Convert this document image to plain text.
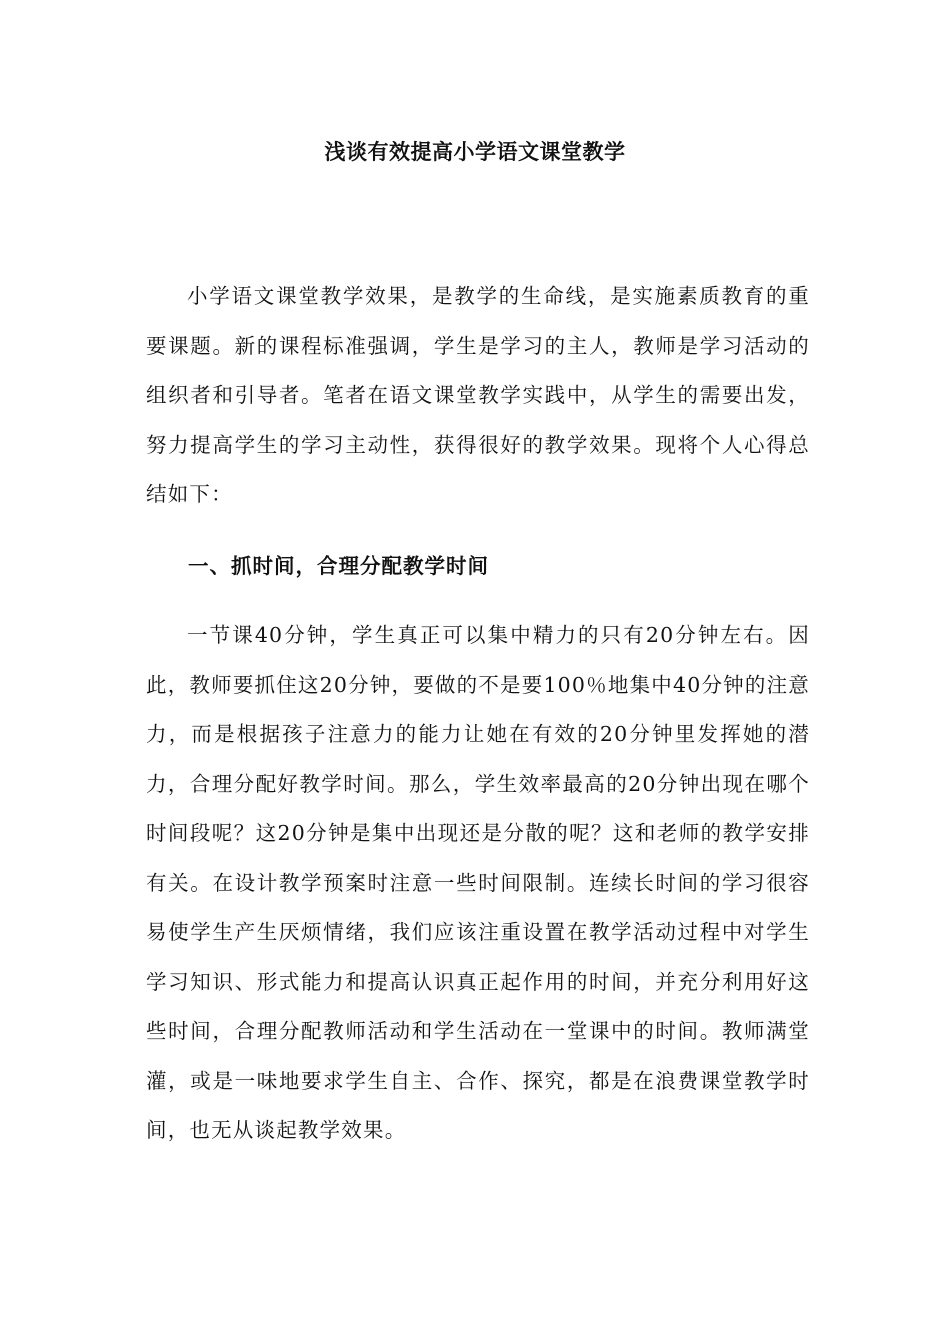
浅谈有效提高小学语文课堂教学

小学语文课堂教学效果，是教学的生命线，是实施素质教育的重要课题。新的课程标准强调，学生是学习的主人，教师是学习活动的组织者和引导者。笔者在语文课堂教学实践中，从学生的需要出发，努力提高学生的学习主动性，获得很好的教学效果。现将个人心得总结如下：

一、抓时间，合理分配教学时间

一节课40分钟，学生真正可以集中精力的只有20分钟左右。因此，教师要抓住这20分钟，要做的不是要100％地集中40分钟的注意力，而是根据孩子注意力的能力让她在有效的20分钟里发挥她的潜力，合理分配好教学时间。那么，学生效率最高的20分钟出现在哪个时间段呢？这20分钟是集中出现还是分散的呢？这和老师的教学安排有关。在设计教学预案时注意一些时间限制。连续长时间的学习很容易使学生产生厌烦情绪，我们应该注重设置在教学活动过程中对学生学习知识、形式能力和提高认识真正起作用的时间，并充分利用好这些时间，合理分配教师活动和学生活动在一堂课中的时间。教师满堂灌，或是一味地要求学生自主、合作、探究，都是在浪费课堂教学时间，也无从谈起教学效果。
